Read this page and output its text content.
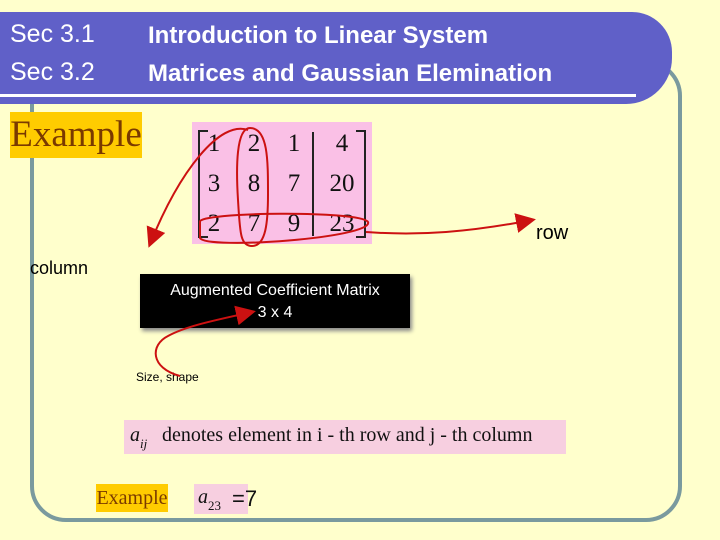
Sec 3.1
Sec 3.2
Introduction to Linear System
Matrices and Gaussian Elemination
Example	1	2	1	4
3	8	7	20
2	7	9	23	row
column
Augmented Coefficient Matrix
3 x 4
Size, shape
a ij denotes element in i - th row and j - th column
Example a 23 =7
